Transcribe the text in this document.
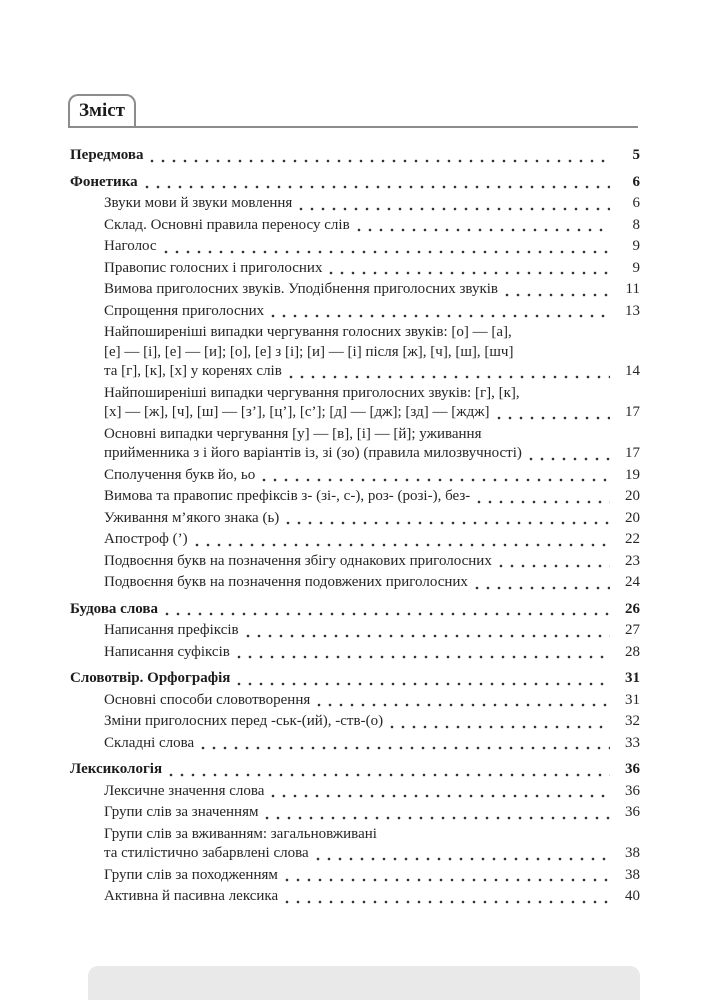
Зміст
Передмова	5
Фонетика	6
Звуки мови й звуки мовлення	6
Склад. Основні правила переносу слів	8
Наголос	9
Правопис голосних і приголосних	9
Вимова приголосних звуків. Уподібнення приголосних звуків	11
Спрощення приголосних	13
Найпоширеніші випадки чергування голосних звуків: [о] — [а],
[е] — [і], [е] — [и]; [о], [е] з [і]; [и] — [і] після [ж], [ч], [ш], [шч]
та [г], [к], [х] у коренях слів	14
Найпоширеніші випадки чергування приголосних звуків: [г], [к],
[х] — [ж], [ч], [ш] — [з’], [ц’], [с’]; [д] — [дж]; [зд] — [ждж]	17
Основні випадки чергування [у] — [в], [і] — [й]; уживання
прийменника з і його варіантів із, зі (зо) (правила милозвучності)	17
Сполучення букв йо, ьо	19
Вимова та правопис префіксів з- (зі-, с-), роз- (розі-), без-	20
Уживання м’якого знака (ь)	20
Апостроф (’)	22
Подвоєння букв на позначення збігу однакових приголосних	23
Подвоєння букв на позначення подовжених приголосних	24
Будова слова	26
Написання префіксів	27
Написання суфіксів	28
Словотвір. Орфографія	31
Основні способи словотворення	31
Зміни приголосних перед -ськ-(ий), -ств-(о)	32
Складні слова	33
Лексикологія	36
Лексичне значення слова	36
Групи слів за значенням	36
Групи слів за вживанням: загальновживані
та стилістично забарвлені слова	38
Групи слів за походженням	38
Активна й пасивна лексика	40
